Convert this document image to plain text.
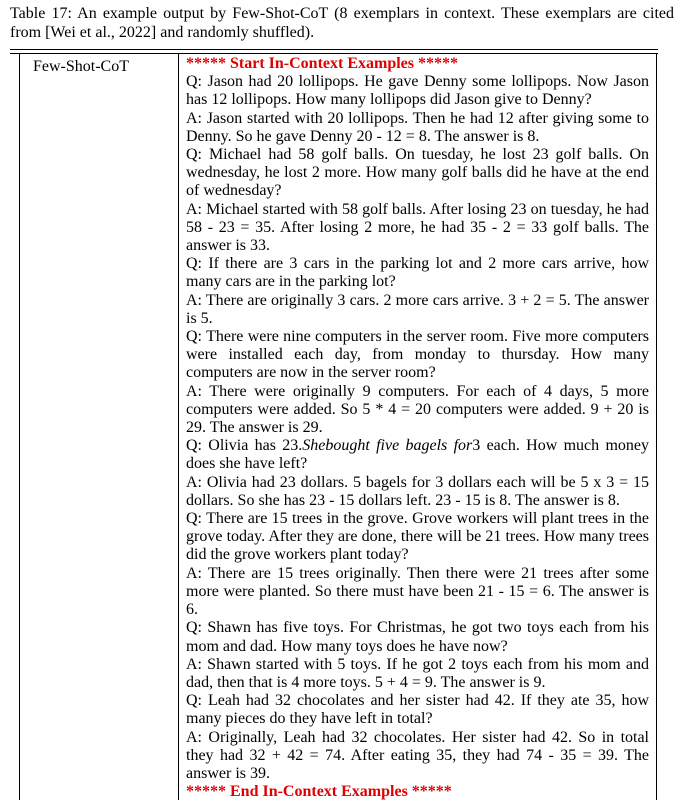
Table 17: An example output by Few-Shot-CoT (8 exemplars in context. These exemplars are cited from [Wei et al., 2022] and randomly shuffled).
Few-Shot-CoT	***** Start In-Context Examples *****

Q: Jason had 20 lollipops. He gave Denny some lollipops. Now Jason has 12 lollipops. How many lollipops did Jason give to Denny?

A: Jason started with 20 lollipops. Then he had 12 after giving some to Denny. So he gave Denny 20 - 12 = 8. The answer is 8.

Q: Michael had 58 golf balls. On tuesday, he lost 23 golf balls. On wednesday, he lost 2 more. How many golf balls did he have at the end of wednesday?

A: Michael started with 58 golf balls. After losing 23 on tuesday, he had 58 - 23 = 35. After losing 2 more, he had 35 - 2 = 33 golf balls. The answer is 33.

Q: If there are 3 cars in the parking lot and 2 more cars arrive, how many cars are in the parking lot?

A: There are originally 3 cars. 2 more cars arrive. 3 + 2 = 5. The answer is 5.

Q: There were nine computers in the server room. Five more computers were installed each day, from monday to thursday. How many computers are now in the server room?

A: There were originally 9 computers. For each of 4 days, 5 more computers were added. So 5 * 4 = 20 computers were added. 9 + 20 is 29. The answer is 29.

Q: Olivia has 23.Shebought five bagels for3 each. How much money does she have left?

A: Olivia had 23 dollars. 5 bagels for 3 dollars each will be 5 x 3 = 15 dollars. So she has 23 - 15 dollars left. 23 - 15 is 8. The answer is 8.

Q: There are 15 trees in the grove. Grove workers will plant trees in the grove today. After they are done, there will be 21 trees. How many trees did the grove workers plant today?

A: There are 15 trees originally. Then there were 21 trees after some more were planted. So there must have been 21 - 15 = 6. The answer is 6.

Q: Shawn has five toys. For Christmas, he got two toys each from his mom and dad. How many toys does he have now?

A: Shawn started with 5 toys. If he got 2 toys each from his mom and dad, then that is 4 more toys. 5 + 4 = 9. The answer is 9.

Q: Leah had 32 chocolates and her sister had 42. If they ate 35, how many pieces do they have left in total?

A: Originally, Leah had 32 chocolates. Her sister had 42. So in total they had 32 + 42 = 74. After eating 35, they had 74 - 35 = 39. The answer is 39.

***** End In-Context Examples *****
